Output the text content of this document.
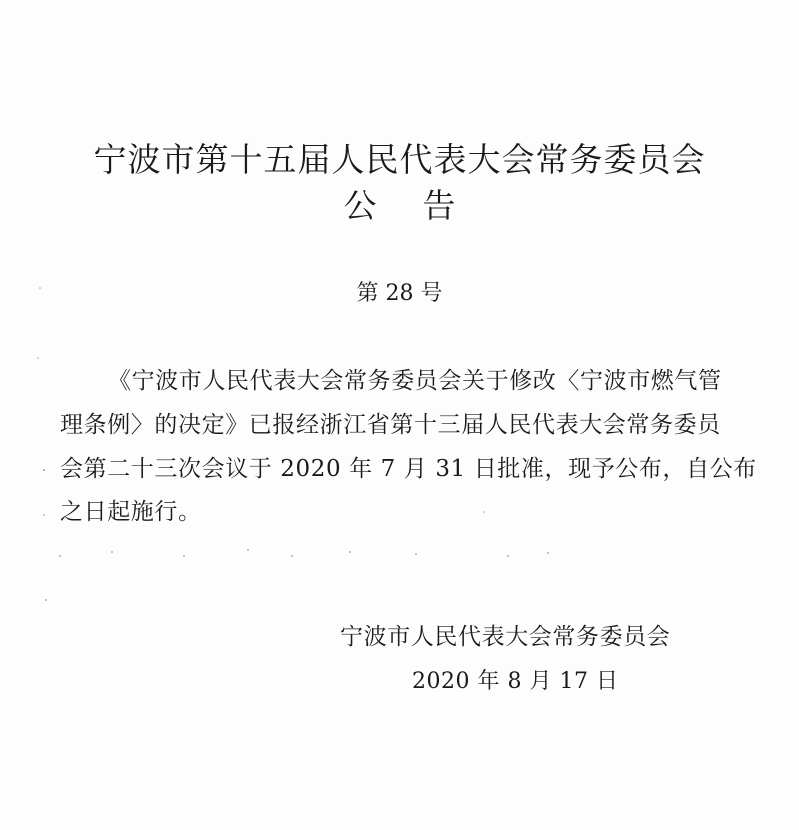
宁波市第十五届人民代表大会常务委员会
公告
第 28 号
《宁波市人民代表大会常务委员会关于修改〈宁波市燃气管
理条例〉的决定》已报经浙江省第十三届人民代表大会常务委员
会第二十三次会议于 2020 年 7 月 31 日批准，现予公布，自公布
之日起施行。
宁波市人民代表大会常务委员会
2020 年 8 月 17 日
